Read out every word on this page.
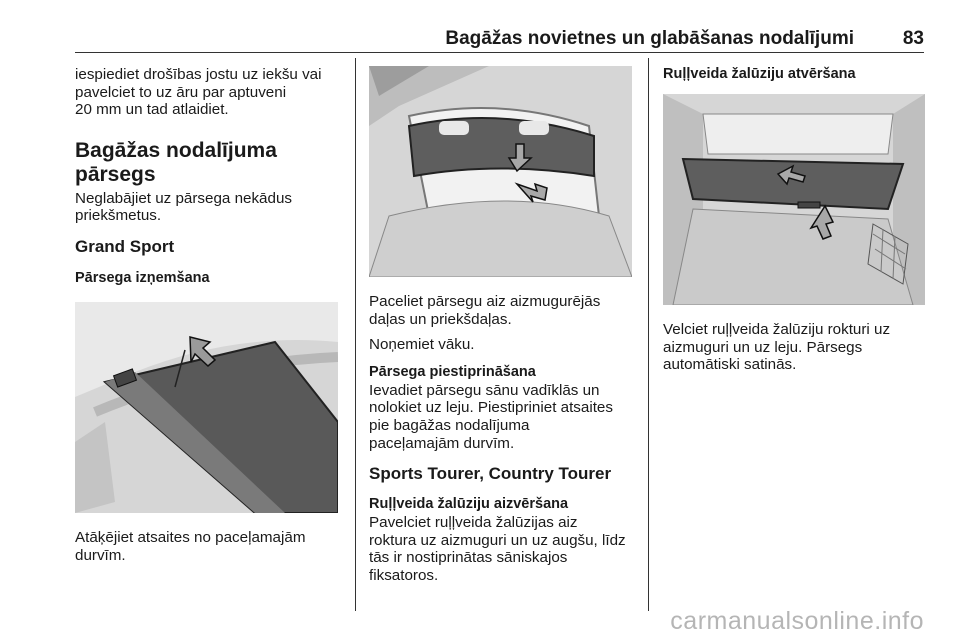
Bagāžas novietnes un glabāšanas nodalījumi	83

iespiediet drošības jostu uz iekšu vai
pavelciet to uz āru par aptuveni
20 mm un tad atlaidiet.

Bagāžas nodalījuma
pārsegs

Neglabājiet uz pārsega nekādus
priekšmetus.

Grand Sport

Pārsega izņemšana

Atāķējiet atsaites no paceļamajām
durvīm.

Paceliet pārsegu aiz aizmugurējās
daļas un priekšdaļas.

Noņemiet vāku.

Pārsega piestiprināšana

Ievadiet pārsegu sānu vadīklās un
nolokiet uz leju. Piestipriniet atsaites
pie bagāžas nodalījuma
paceļamajām durvīm.

Sports Tourer, Country Tourer

Ruļļveida žalūziju aizvēršana

Pavelciet ruļļveida žalūzijas aiz
roktura uz aizmuguri un uz augšu, līdz
tās ir nostiprinātas sāniskajos
fiksatoros.

Ruļļveida žalūziju atvēršana

Velciet ruļļveida žalūziju rokturi uz
aizmuguri un uz leju. Pārsegs
automātiski satinās.

carmanualsonline.info
